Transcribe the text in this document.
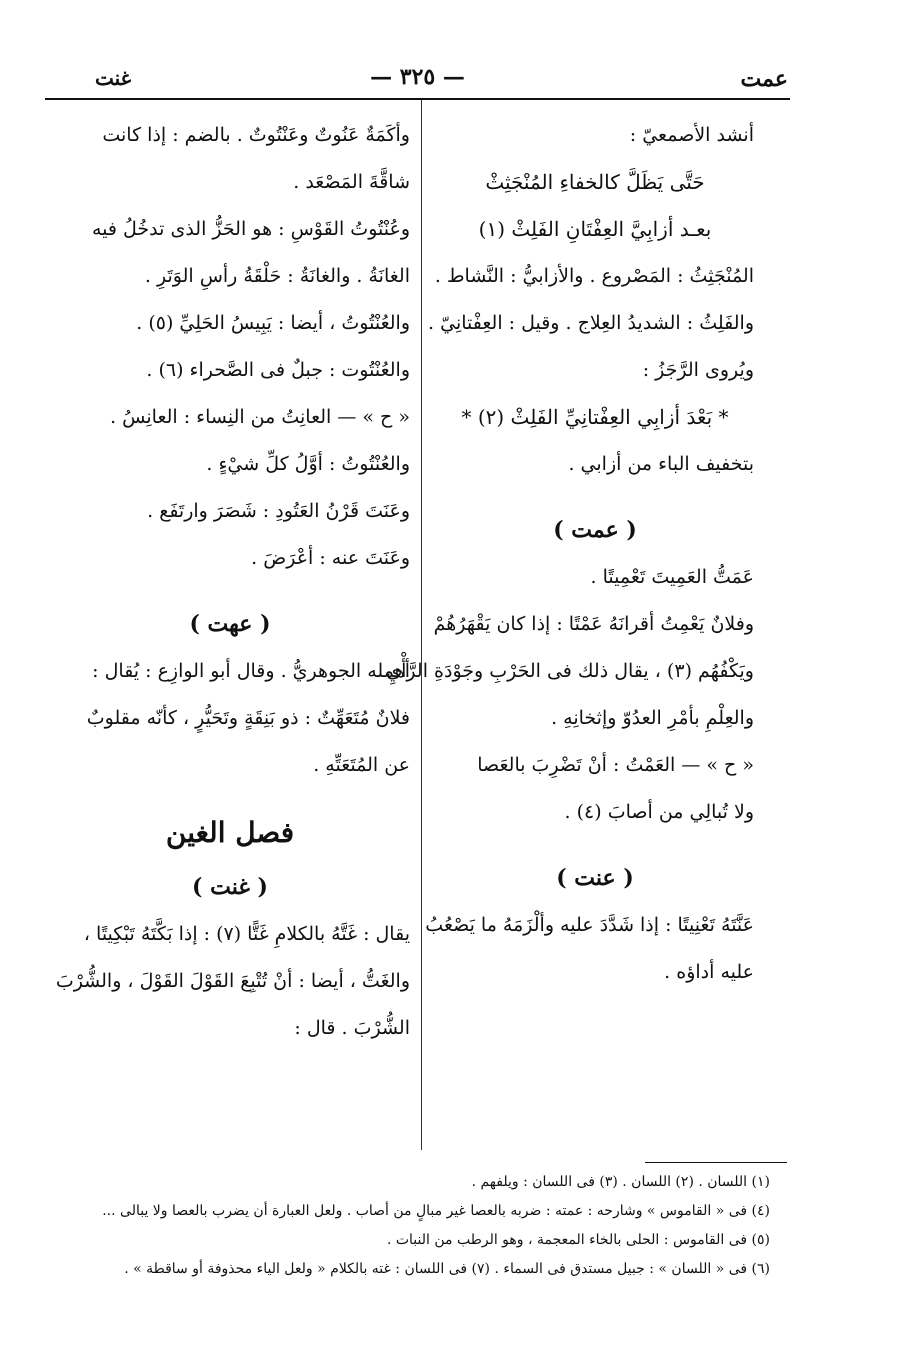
عمت
— ٣٢٥ —
غنت
أنشد الأصمعيّ :
حَتَّى يَظَلَّ كالخفاءِ المُنْجَثِثْ
بعـد أزابِيَّ العِفْتَانِ الفَلِثْ (١)
المُنْجَثِثُ : المَصْروع . والأزابيُّ : النَّشاط .
والفَلِثُ : الشديدُ العِلاج . وقيل : العِفْتانِيّ .
ويُروى الرَّجَزُ :
* بَعْدَ أزابِي العِفْتانِيِّ الفَلِثْ (٢) *
بتخفيف الباء من أزابي .
( عمت )
عَمَتُّ العَمِيتَ تَعْمِيتًا .
وفلانٌ يَعْمِتُ أقرانَهُ عَمْتًا : إذا كان يَقْهَرُهُمْ
ويَكْفُهُم (٣) ، يقال ذلك فى الحَرْبِ وجَوْدَةِ الرَّأْيِ
والعِلْمِ بأمْرِ العدُوّ وإثخانِهِ .
« ح » — العَمْتُ : أنْ تَضْرِبَ بالعَصا
ولا تُبالِي من أصابَ (٤) .
( عنت )
عَنَّتَهُ تَعْنِيتًا : إذا شَدَّدَ عليه وألْزَمَهُ ما يَصْعُبُ
عليه أداؤه .
وأكَمَةٌ عَنُوتٌ وعَنْتُوتٌ . بالضم : إذا كانت
شاقَّةَ المَصْعَد .
وعُنْتُوتُ القَوْسِ : هو الحَزُّ الذى تدخُلُ فيه
الغانَةُ . والغانَةُ : حَلْقَةُ رأسِ الوَتَرِ .
والعُنْتُوتُ ، أيضا : يَبِيسُ الحَلِيِّ (٥) .
والعُنْتُوت : جبلٌ فى الصَّحراء (٦) .
« ح » — العانِتُ من النِساء : العانِسُ .
والعُنْتُوتُ : أوَّلُ كلِّ شيْءٍ .
وعَنَتَ قَرْنُ العَتُودِ : شَصَرَ وارتَفَع .
وعَنَتَ عنه : أعْرَضَ .
( عهت )
أهمله الجوهريُّ . وقال أبو الوازِع : يُقال :
فلانٌ مُتَعَهِّتٌ : ذو بَنِقَةٍ وتَحَيُّرٍ ، كأنّه مقلوبٌ
عن المُتَعَتِّهِ .
فصل الغين
( غنت )
يقال : غَتَّهُ بالكلامِ غَتًّا (٧) : إذا بَكَّتَهُ تَبْكِيتًا ،
والغَتُّ ، أيضا : أنْ تُتْبِعَ القَوْلَ القَوْلَ ، والشُّرْبَ
الشُّرْبَ . قال :
(١) اللسان . (٢) اللسان . (٣) فى اللسان : ويلفهم .
(٤) فى « القاموس » وشارحه : عمته : ضربه بالعصا غير مبالٍ من أصاب . ولعل العبارة أن يضرب بالعصا ولا يبالى ...
(٥) فى القاموس : الحلى بالخاء المعجمة ، وهو الرطب من النبات .
(٦) فى « اللسان » : جبيل مستدق فى السماء . (٧) فى اللسان : غته بالكلام « ولعل الياء محذوفة أو ساقطة » .
